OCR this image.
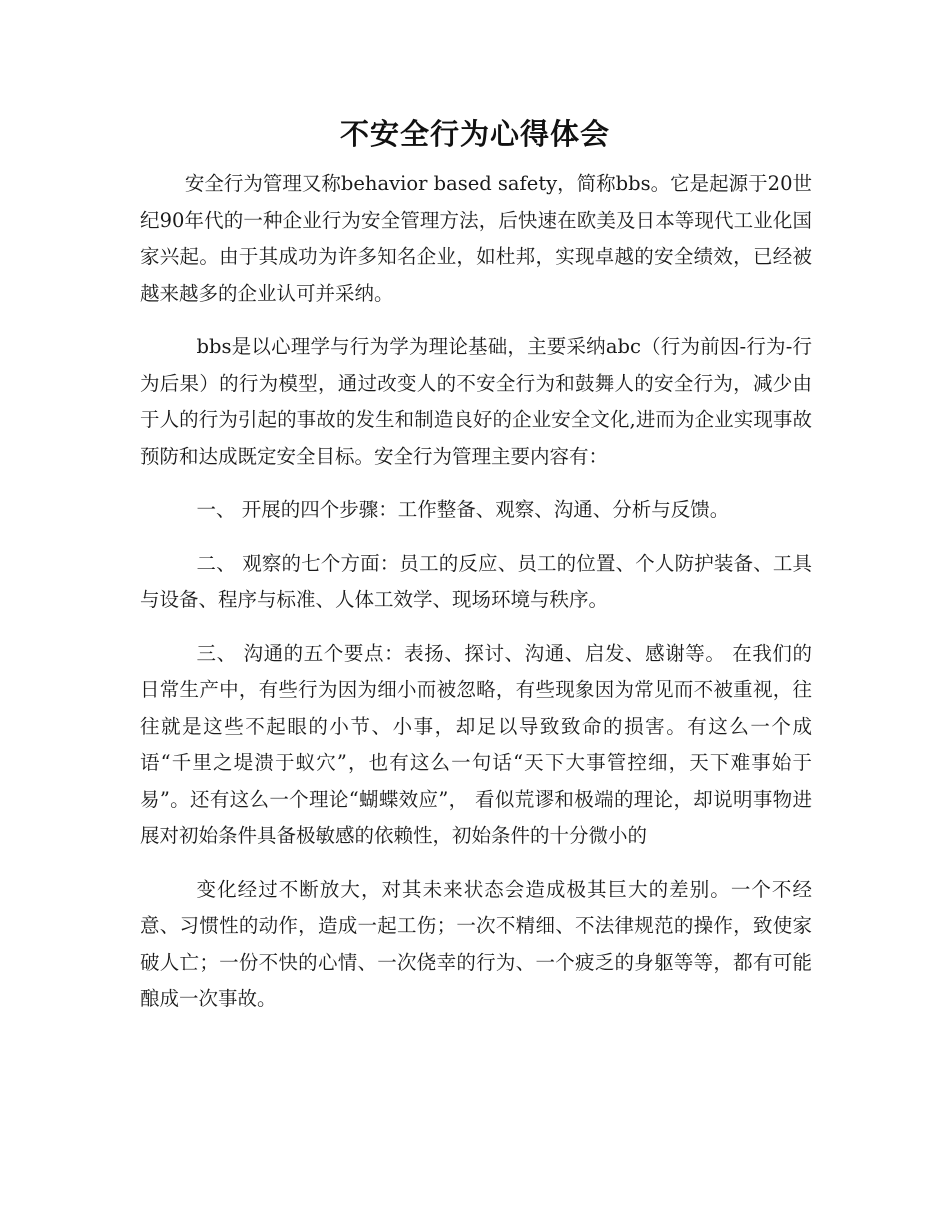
不安全行为心得体会

安全行为管理又称behavior based safety，简称bbs。它是起源于20世纪90年代的一种企业行为安全管理方法，后快速在欧美及日本等现代工业化国家兴起。由于其成功为许多知名企业，如杜邦，实现卓越的安全绩效，已经被越来越多的企业认可并采纳。

bbs是以心理学与行为学为理论基础，主要采纳abc（行为前因-行为-行为后果）的行为模型，通过改变人的不安全行为和鼓舞人的安全行为，减少由于人的行为引起的事故的发生和制造良好的企业安全文化,进而为企业实现事故预防和达成既定安全目标。安全行为管理主要内容有：

一、 开展的四个步骤：工作整备、观察、沟通、分析与反馈。

二、 观察的七个方面：员工的反应、员工的位置、个人防护装备、工具与设备、程序与标准、人体工效学、现场环境与秩序。

三、 沟通的五个要点：表扬、探讨、沟通、启发、感谢等。 在我们的日常生产中，有些行为因为细小而被忽略，有些现象因为常见而不被重视，往往就是这些不起眼的小节、小事，却足以导致致命的损害。有这么一个成语“千里之堤溃于蚁穴”，也有这么一句话“天下大事管控细，天下难事始于易”。还有这么一个理论“蝴蝶效应”， 看似荒谬和极端的理论，却说明事物进展对初始条件具备极敏感的依赖性，初始条件的十分微小的

变化经过不断放大，对其未来状态会造成极其巨大的差别。一个不经意、习惯性的动作，造成一起工伤；一次不精细、不法律规范的操作，致使家破人亡；一份不快的心情、一次侥幸的行为、一个疲乏的身躯等等，都有可能酿成一次事故。
